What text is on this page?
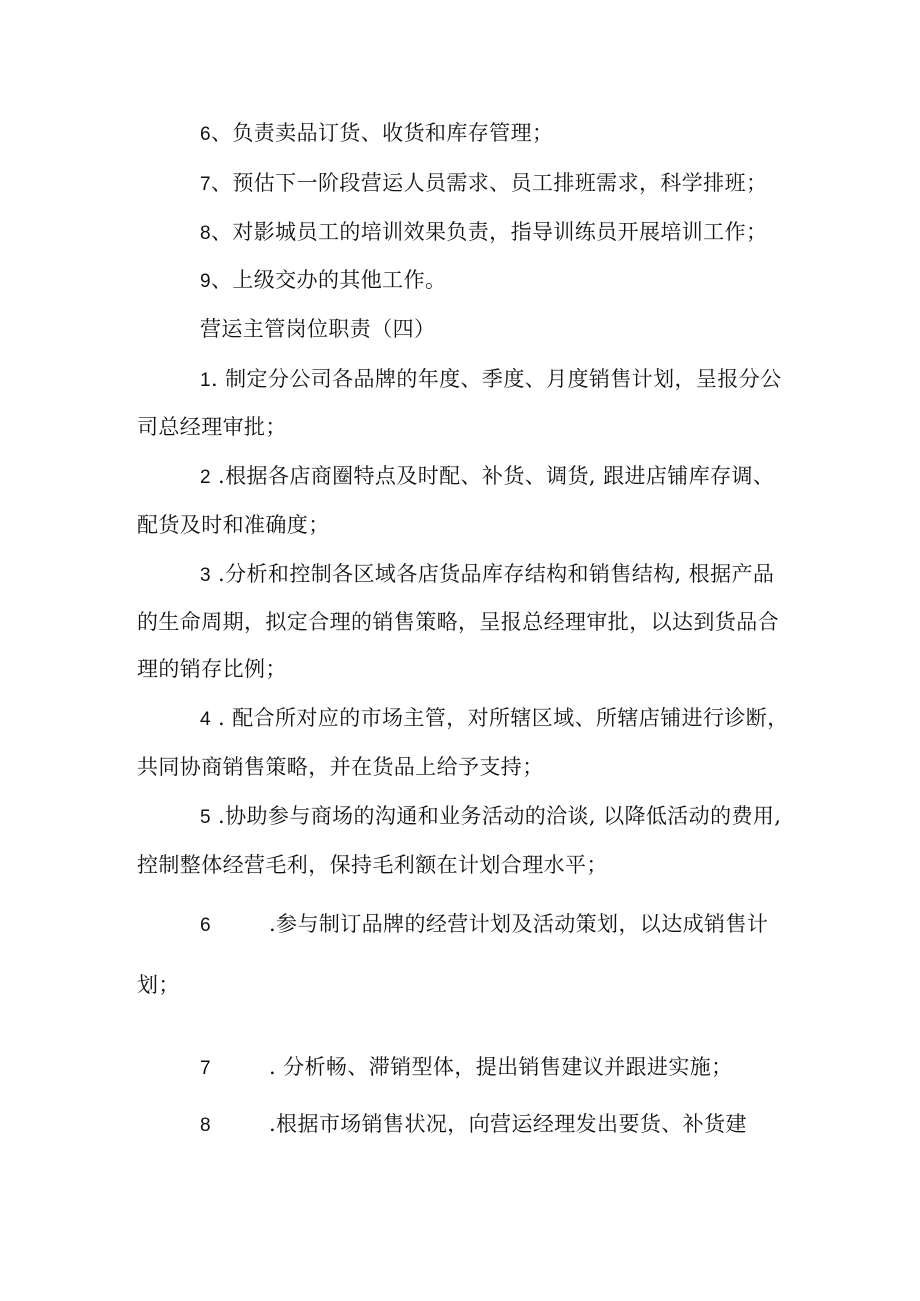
6、负责卖品订货、收货和库存管理；
7、预估下一阶段营运人员需求、员工排班需求，科学排班；
8、对影城员工的培训效果负责，指导训练员开展培训工作；
9、上级交办的其他工作。
营运主管岗位职责（四）
1. 制定分公司各品牌的年度、季度、月度销售计划，呈报分公
司总经理审批；
2 .根据各店商圈特点及时配、补货、调货, 跟进店铺库存调、
配货及时和准确度；
3 .分析和控制各区域各店货品库存结构和销售结构, 根据产品
的生命周期，拟定合理的销售策略，呈报总经理审批，以达到货品合
理的销存比例；
4 . 配合所对应的市场主管，对所辖区域、所辖店铺进行诊断，
共同协商销售策略，并在货品上给予支持；
5 .协助参与商场的沟通和业务活动的洽谈, 以降低活动的费用,
控制整体经营毛利，保持毛利额在计划合理水平；
6	.参与制订品牌的经营计划及活动策划，以达成销售计
划；
7	. 分析畅、滞销型体，提出销售建议并跟进实施；
8	.根据市场销售状况，向营运经理发出要货、补货建
